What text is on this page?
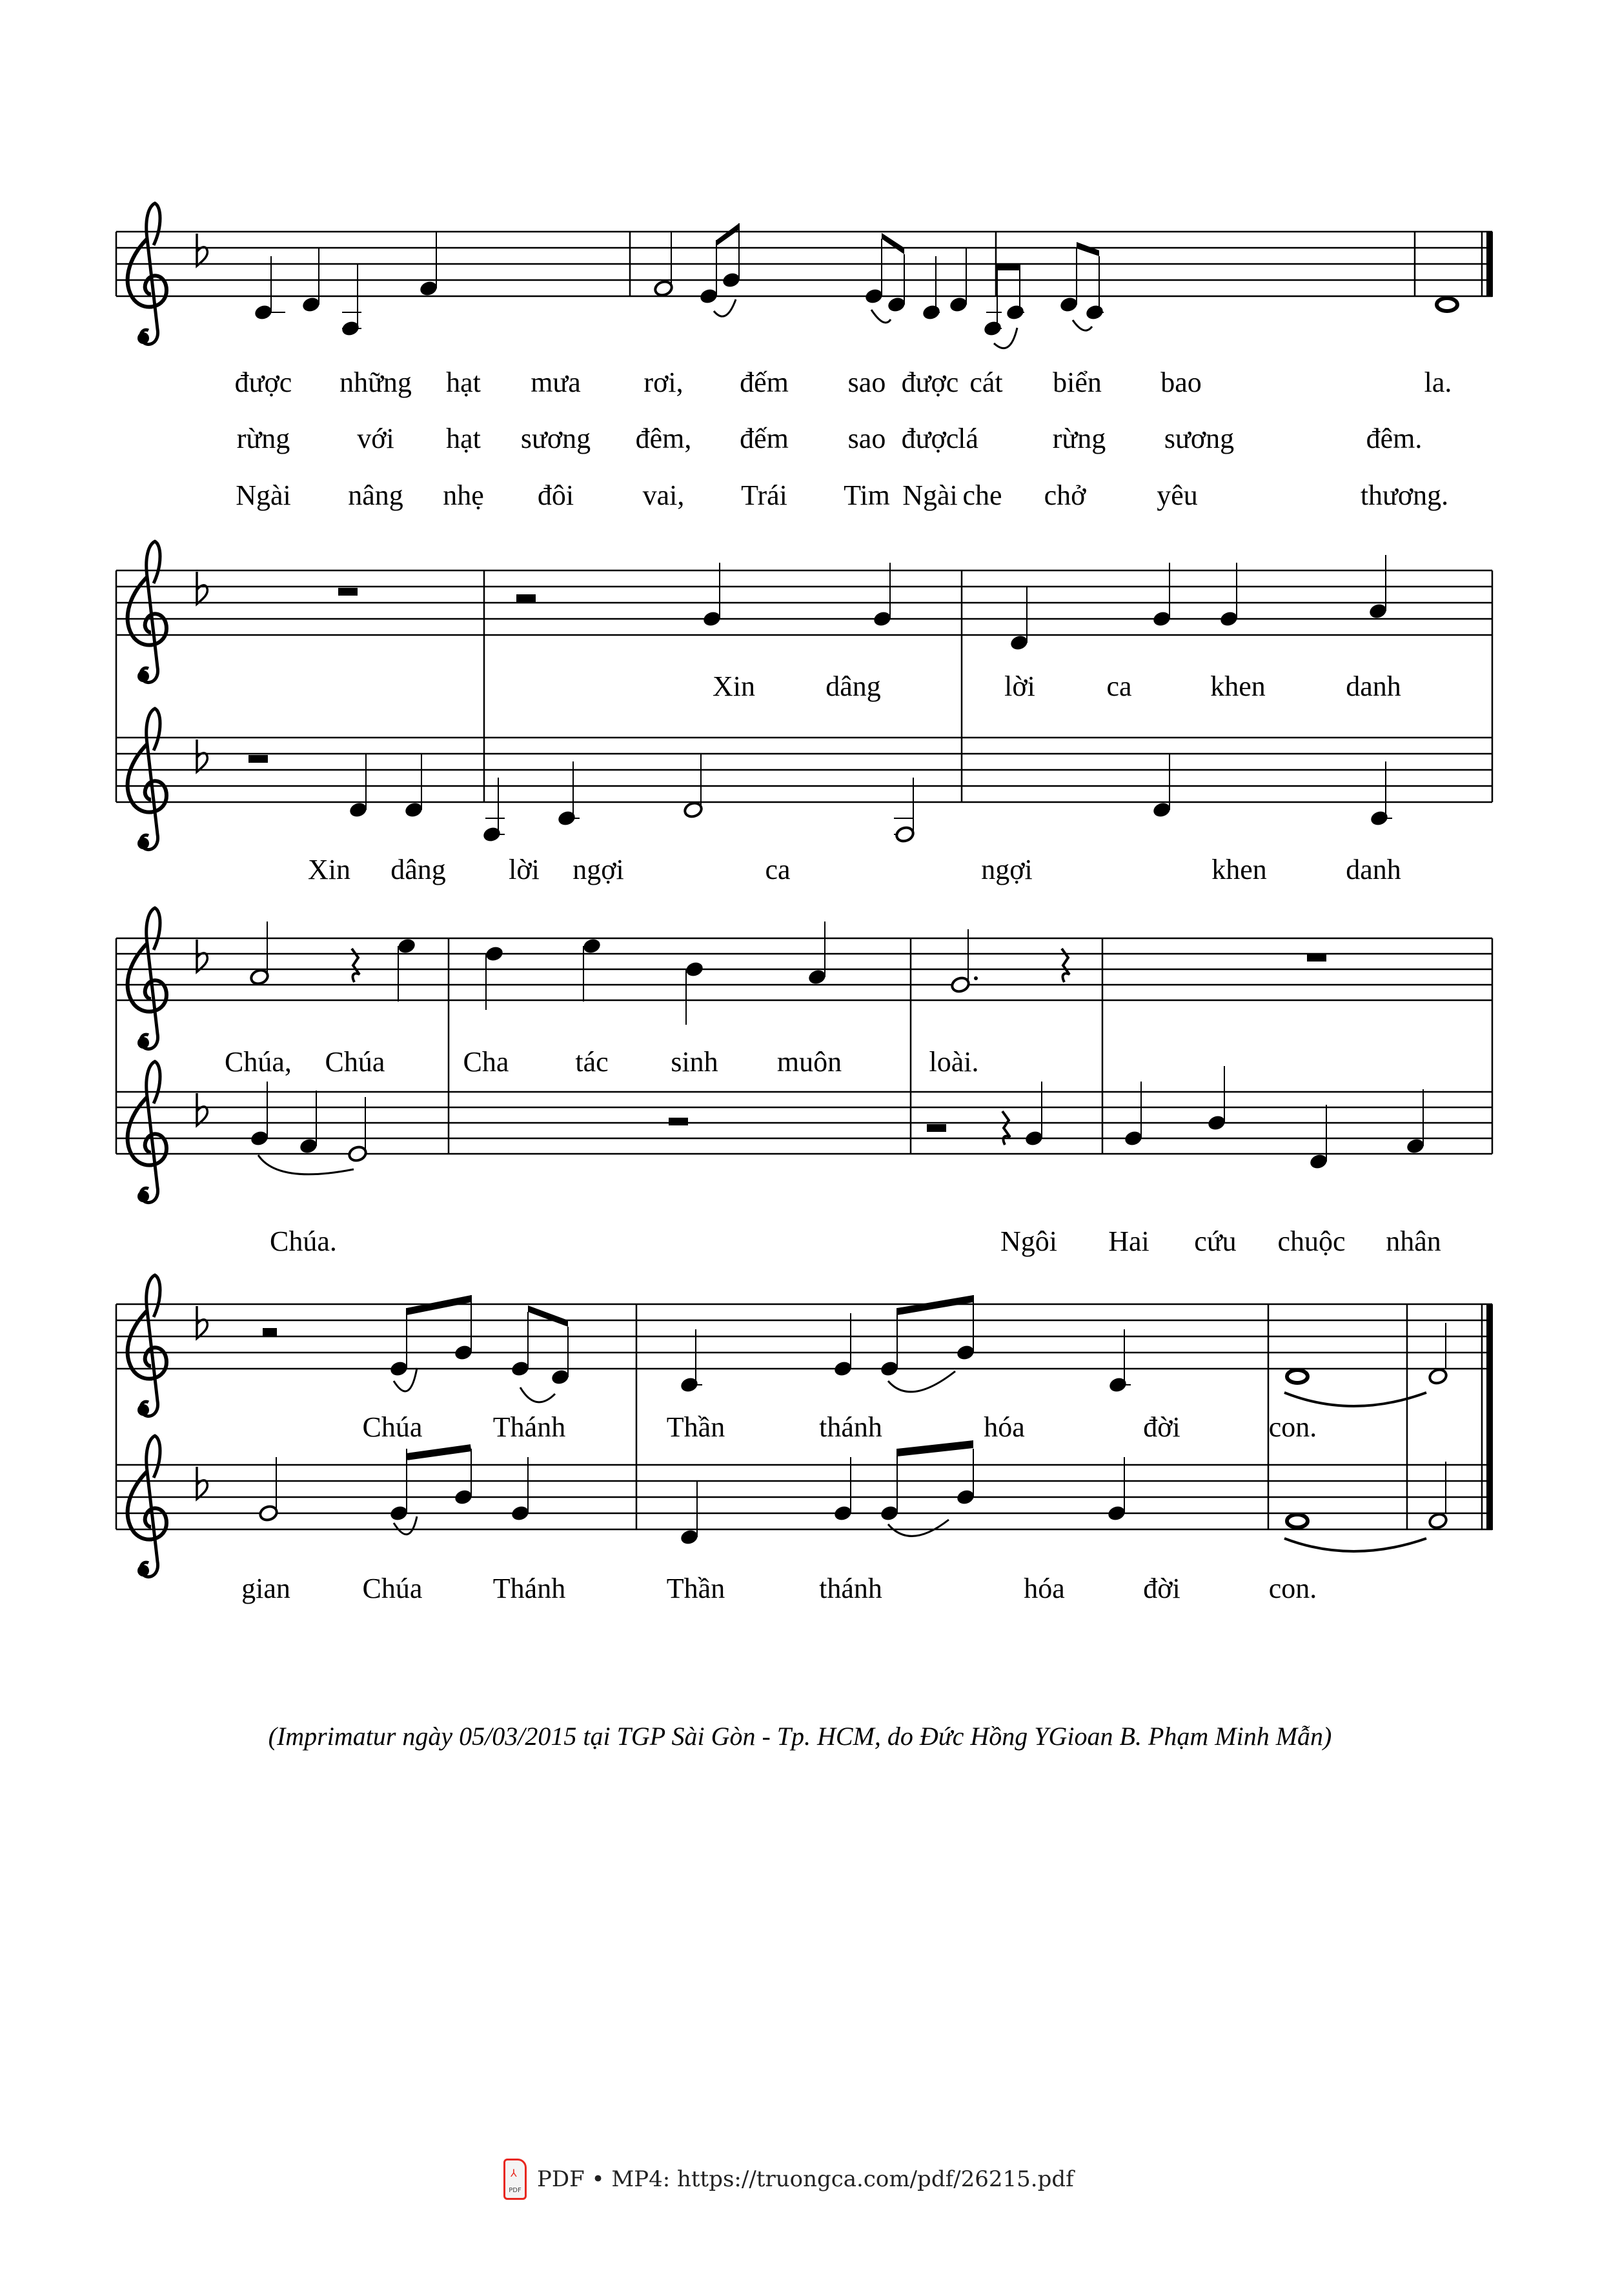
được những hạt mưa rơi, đếm sao được cát biển bao	la.
rừng với hạt sương đêm, đếm sao được
lá	rừng sương	đêm.
Ngài nâng nhẹ đôi vai, Trái Tim Ngài che chở yêu	thương.
Xin dâng	lời	ca	khen	danh
Xin dâng lời ngợi	ca	ngợi	khen	danh
Chúa, Chúa	Cha tác sinh muôn	loài.
Chúa.	Ngôi Hai cứu chuộc nhân
Chúa Thánh	Thần	thánh	hóa	đời	con.
gian	Chúa Thánh	Thần	thánh	hóa	đời	con.
(Imprimatur ngày 05/03/2015 tại TGP Sài Gòn - Tp. HCM, do Đức Hồng YGioan B. Phạm Minh Mẫn)
⅄
PDF PDF • MP4: https://truongca.com/pdf/26215.pdf
